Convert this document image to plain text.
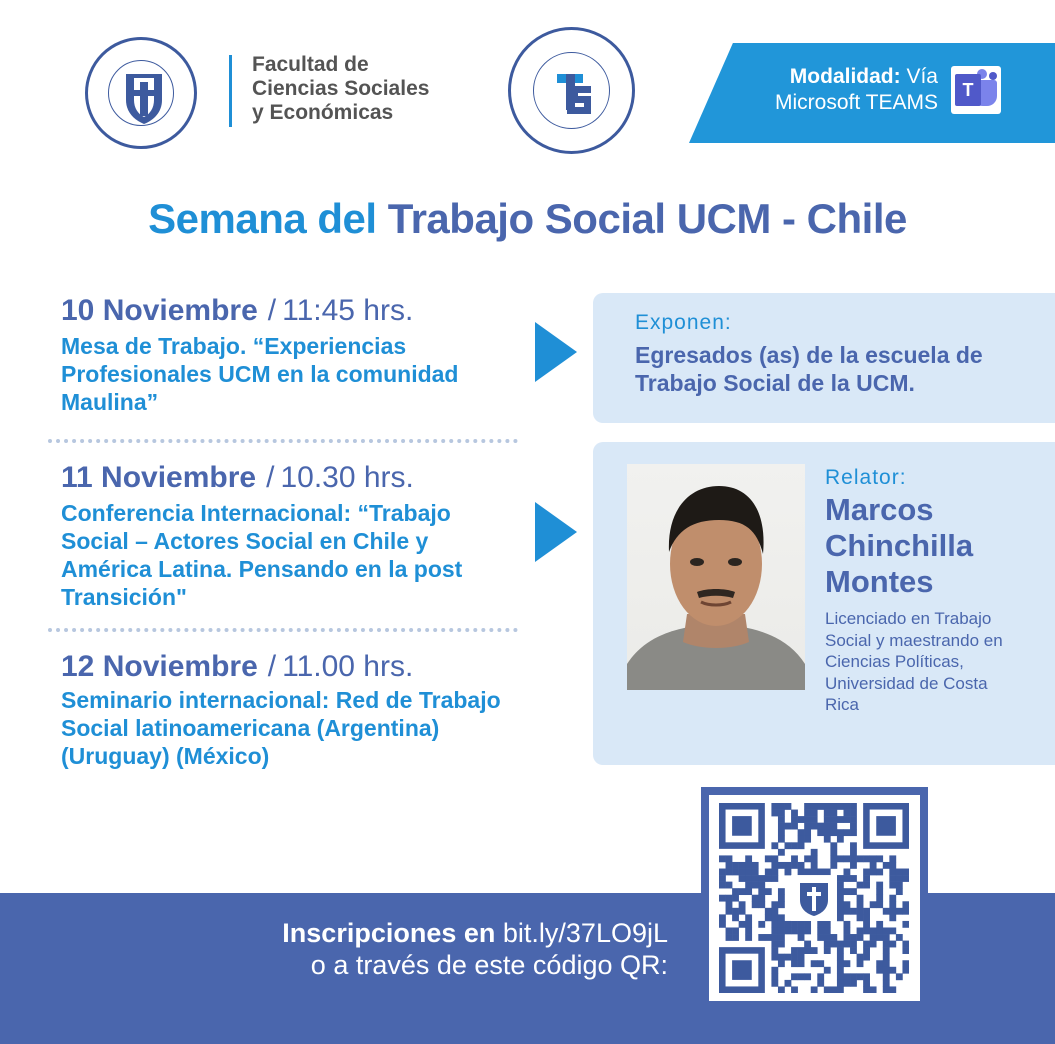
Facultad de
Ciencias Sociales
y Económicas
Modalidad: Vía
Microsoft TEAMS
T
Semana del Trabajo Social UCM - Chile
10 Noviembre / 11:45 hrs.
Mesa de Trabajo. “Experiencias Profesionales UCM en la comunidad Maulina”
11 Noviembre / 10.30 hrs.
Conferencia Internacional: “Trabajo Social – Actores Social en Chile y América Latina. Pensando en la post Transición"
12 Noviembre / 11.00 hrs.
Seminario internacional: Red de Trabajo Social latinoamericana (Argentina) (Uruguay) (México)
Exponen:
Egresados (as) de la escuela de Trabajo Social de la UCM.
Relator:
Marcos
Chinchilla
Montes
Licenciado en Trabajo Social y maestrando en Ciencias Políticas, Universidad de Costa Rica
Inscripciones en bit.ly/37LO9jL
o a través de este código QR:
